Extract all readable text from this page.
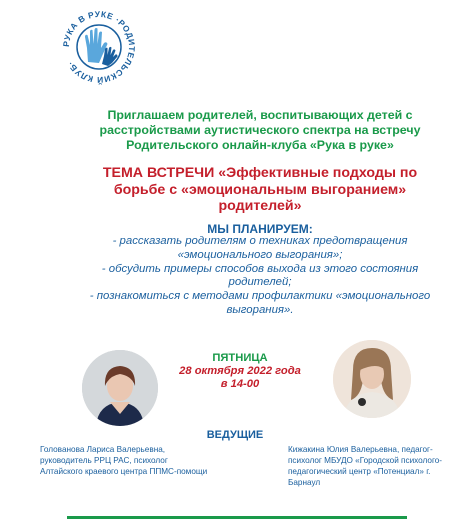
РУКА В РУКЕ ·РОДИТЕЛЬСКИЙ КЛУБ·
Приглашаем родителей, воспитывающих детей с
расстройствами аутистического спектра на встречу
Родительского онлайн-клуба «Рука в руке»
ТЕМА ВСТРЕЧИ «Эффективные подходы по
борьбе с «эмоциональным выгоранием»
родителей»
МЫ ПЛАНИРУЕМ:
- рассказать родителям о техниках предотвращения
«эмоционального выгорания»;
- обсудить примеры способов выхода из этого состояния
родителей;
- познакомиться с методами профилактики «эмоционального
выгорания».
ПЯТНИЦА
28 октября 2022 года
в 14-00
ВЕДУЩИЕ
Голованова Лариса Валерьевна,
руководитель РРЦ РАС, психолог
Алтайского краевого центра ППМС-помощи
Кижакина Юлия Валерьевна, педагог-
психолог МБУДО «Городской психолого-
педагогический центр «Потенциал» г.
Барнаул
